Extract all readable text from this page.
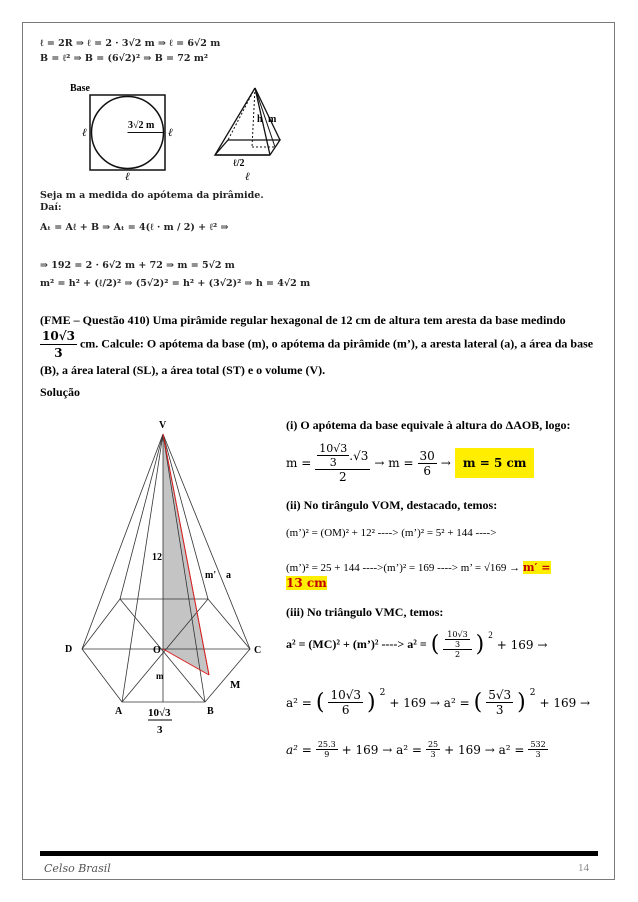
ℓ = 2R ⇒ ℓ = 2 · 3√2 m ⇒ ℓ = 6√2 m
B = ℓ² ⇒ B = (6√2)² ⇒ B = 72 m²
Base
3√2 m
ℓ	ℓ
ℓ
h m
ℓ/2
ℓ
Seja m a medida do apótema da pirâmide.
Daí:
Aₜ = Aℓ + B ⇒ Aₜ = 4(ℓ · m / 2) + ℓ² ⇒
⇒ 192 = 2 · 6√2 m + 72 ⇒ m = 5√2 m
m² = h² + (ℓ/2)² ⇒ (5√2)² = h² + (3√2)² ⇒ h = 4√2 m
(FME – Questão 410) Uma pirâmide regular hexagonal de 12 cm de altura tem aresta da base medindo

$\frac{10√3}{3}$ cm. Calcule: O apótema da base (m), o apótema da pirâmide (m’), a aresta lateral (a), a área da base (B), a área lateral (SL), a área total (ST) e o volume (V).
Solução
V
D	C
A	B
O
M
12
m' a
m
10√3
3
(i) O apótema da base equivale à altura do ΔAOB, logo:
$m = \frac{\frac{10√3}{3} .√3}{2} \to m = \frac{30}{6}$ →	m = 5 cm
(ii) No tirângulo VOM, destacado, temos:
(m’)² = (OM)² + 12² ----> (m’)² = 5² + 144 ---->
(m’)² = 25 + 144 ---->(m’)² = 169 ----> m’ = √169 → m′ =
13 cm
(iii) No triângulo VMC, temos:
a² = (MC)² + (m’)² ----> a² = ( $\frac{\frac{10√3}{3}}{2}$ ) $^2$
+ 169 →
a² = ( $\frac{10√3}{6}$ ) $^2$
+ 169 → a² = ( $\frac{5√3}{3}$ ) $^2$
+ 169 →
$a^2 = \frac{25.3}{9} + 169 \to a^2 = \frac{25}{3} + 169 \to a^2 = \frac{532}{3}$
Celso Brasil	14
